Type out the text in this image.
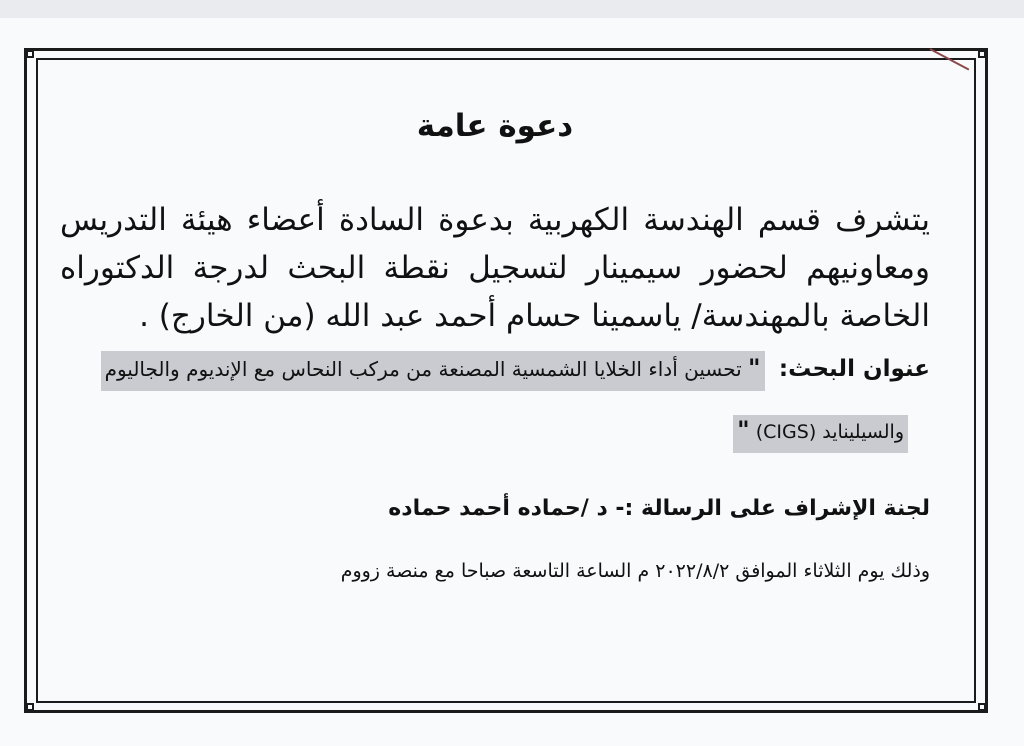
دعوة عامة
يتشرف قسم الهندسة الكهربية بدعوة السادة أعضاء هيئة التدريس ومعاونيهم لحضور سيمينار لتسجيل نقطة البحث لدرجة الدكتوراه الخاصة بالمهندسة/ ياسمينا حسام أحمد عبد الله (من الخارج) .
عنوان البحث: " تحسين أداء الخلايا الشمسية المصنعة من مركب النحاس مع الإنديوم والجاليوم
والسيليناید (CIGS) "
لجنة الإشراف على الرسالة :- د /حماده أحمد حماده
وذلك يوم الثلاثاء الموافق ٢٠٢٢/٨/٢ م الساعة التاسعة صباحا مع منصة زووم
